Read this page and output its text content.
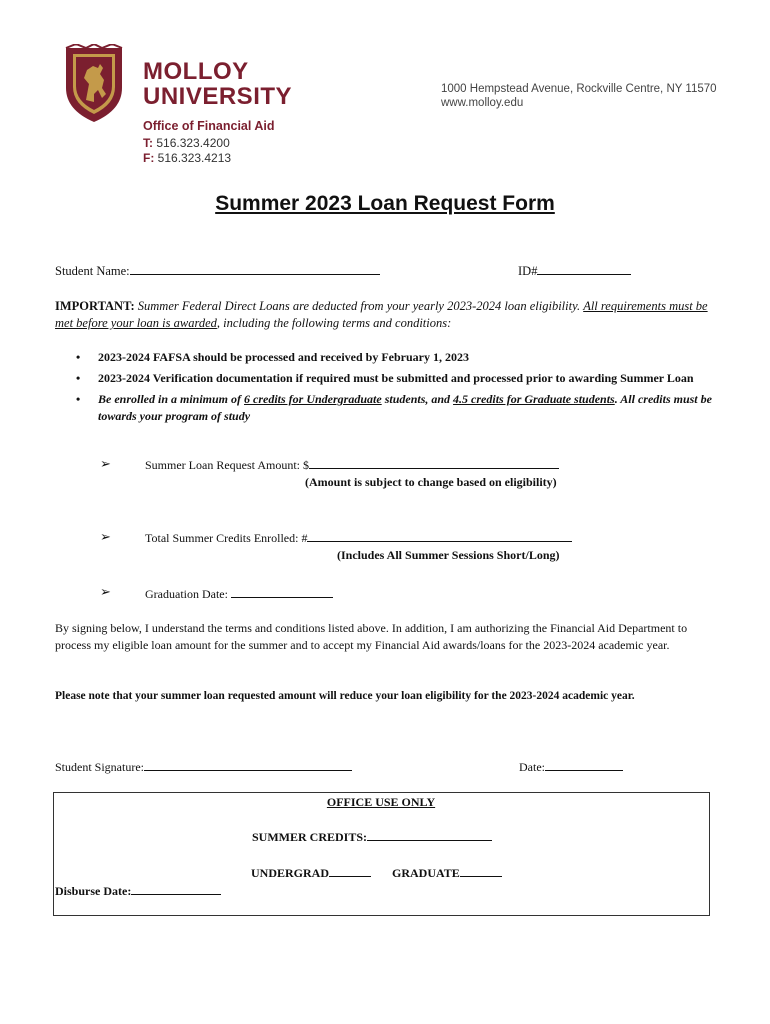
MOLLOY
UNIVERSITY	1000 Hempstead Avenue, Rockville Centre, NY 11570
www.molloy.edu
Office of Financial Aid
T: 516.323.4200
F: 516.323.4213
Summer 2023 Loan Request Form
Student Name:	ID#
IMPORTANT: Summer Federal Direct Loans are deducted from your yearly 2023-2024 loan eligibility. All requirements must be met before your loan is awarded, including the following terms and conditions:
• 2023-2024 FAFSA should be processed and received by February 1, 2023
• 2023-2024 Verification documentation if required must be submitted and processed prior to awarding Summer Loan
• Be enrolled in a minimum of 6 credits for Undergraduate students, and 4.5 credits for Graduate students. All credits must be towards your program of study
➢	Summer Loan Request Amount: $
(Amount is subject to change based on eligibility)
➢	Total Summer Credits Enrolled: #
(Includes All Summer Sessions Short/Long)
➢	Graduation Date:
By signing below, I understand the terms and conditions listed above. In addition, I am authorizing the Financial Aid Department to process my eligible loan amount for the summer and to accept my Financial Aid awards/loans for the 2023-2024 academic year.
Please note that your summer loan requested amount will reduce your loan eligibility for the 2023-2024 academic year.
Student Signature:	Date:
OFFICE USE ONLY
SUMMER CREDITS:
UNDERGRAD	GRADUATE
Disburse Date:
